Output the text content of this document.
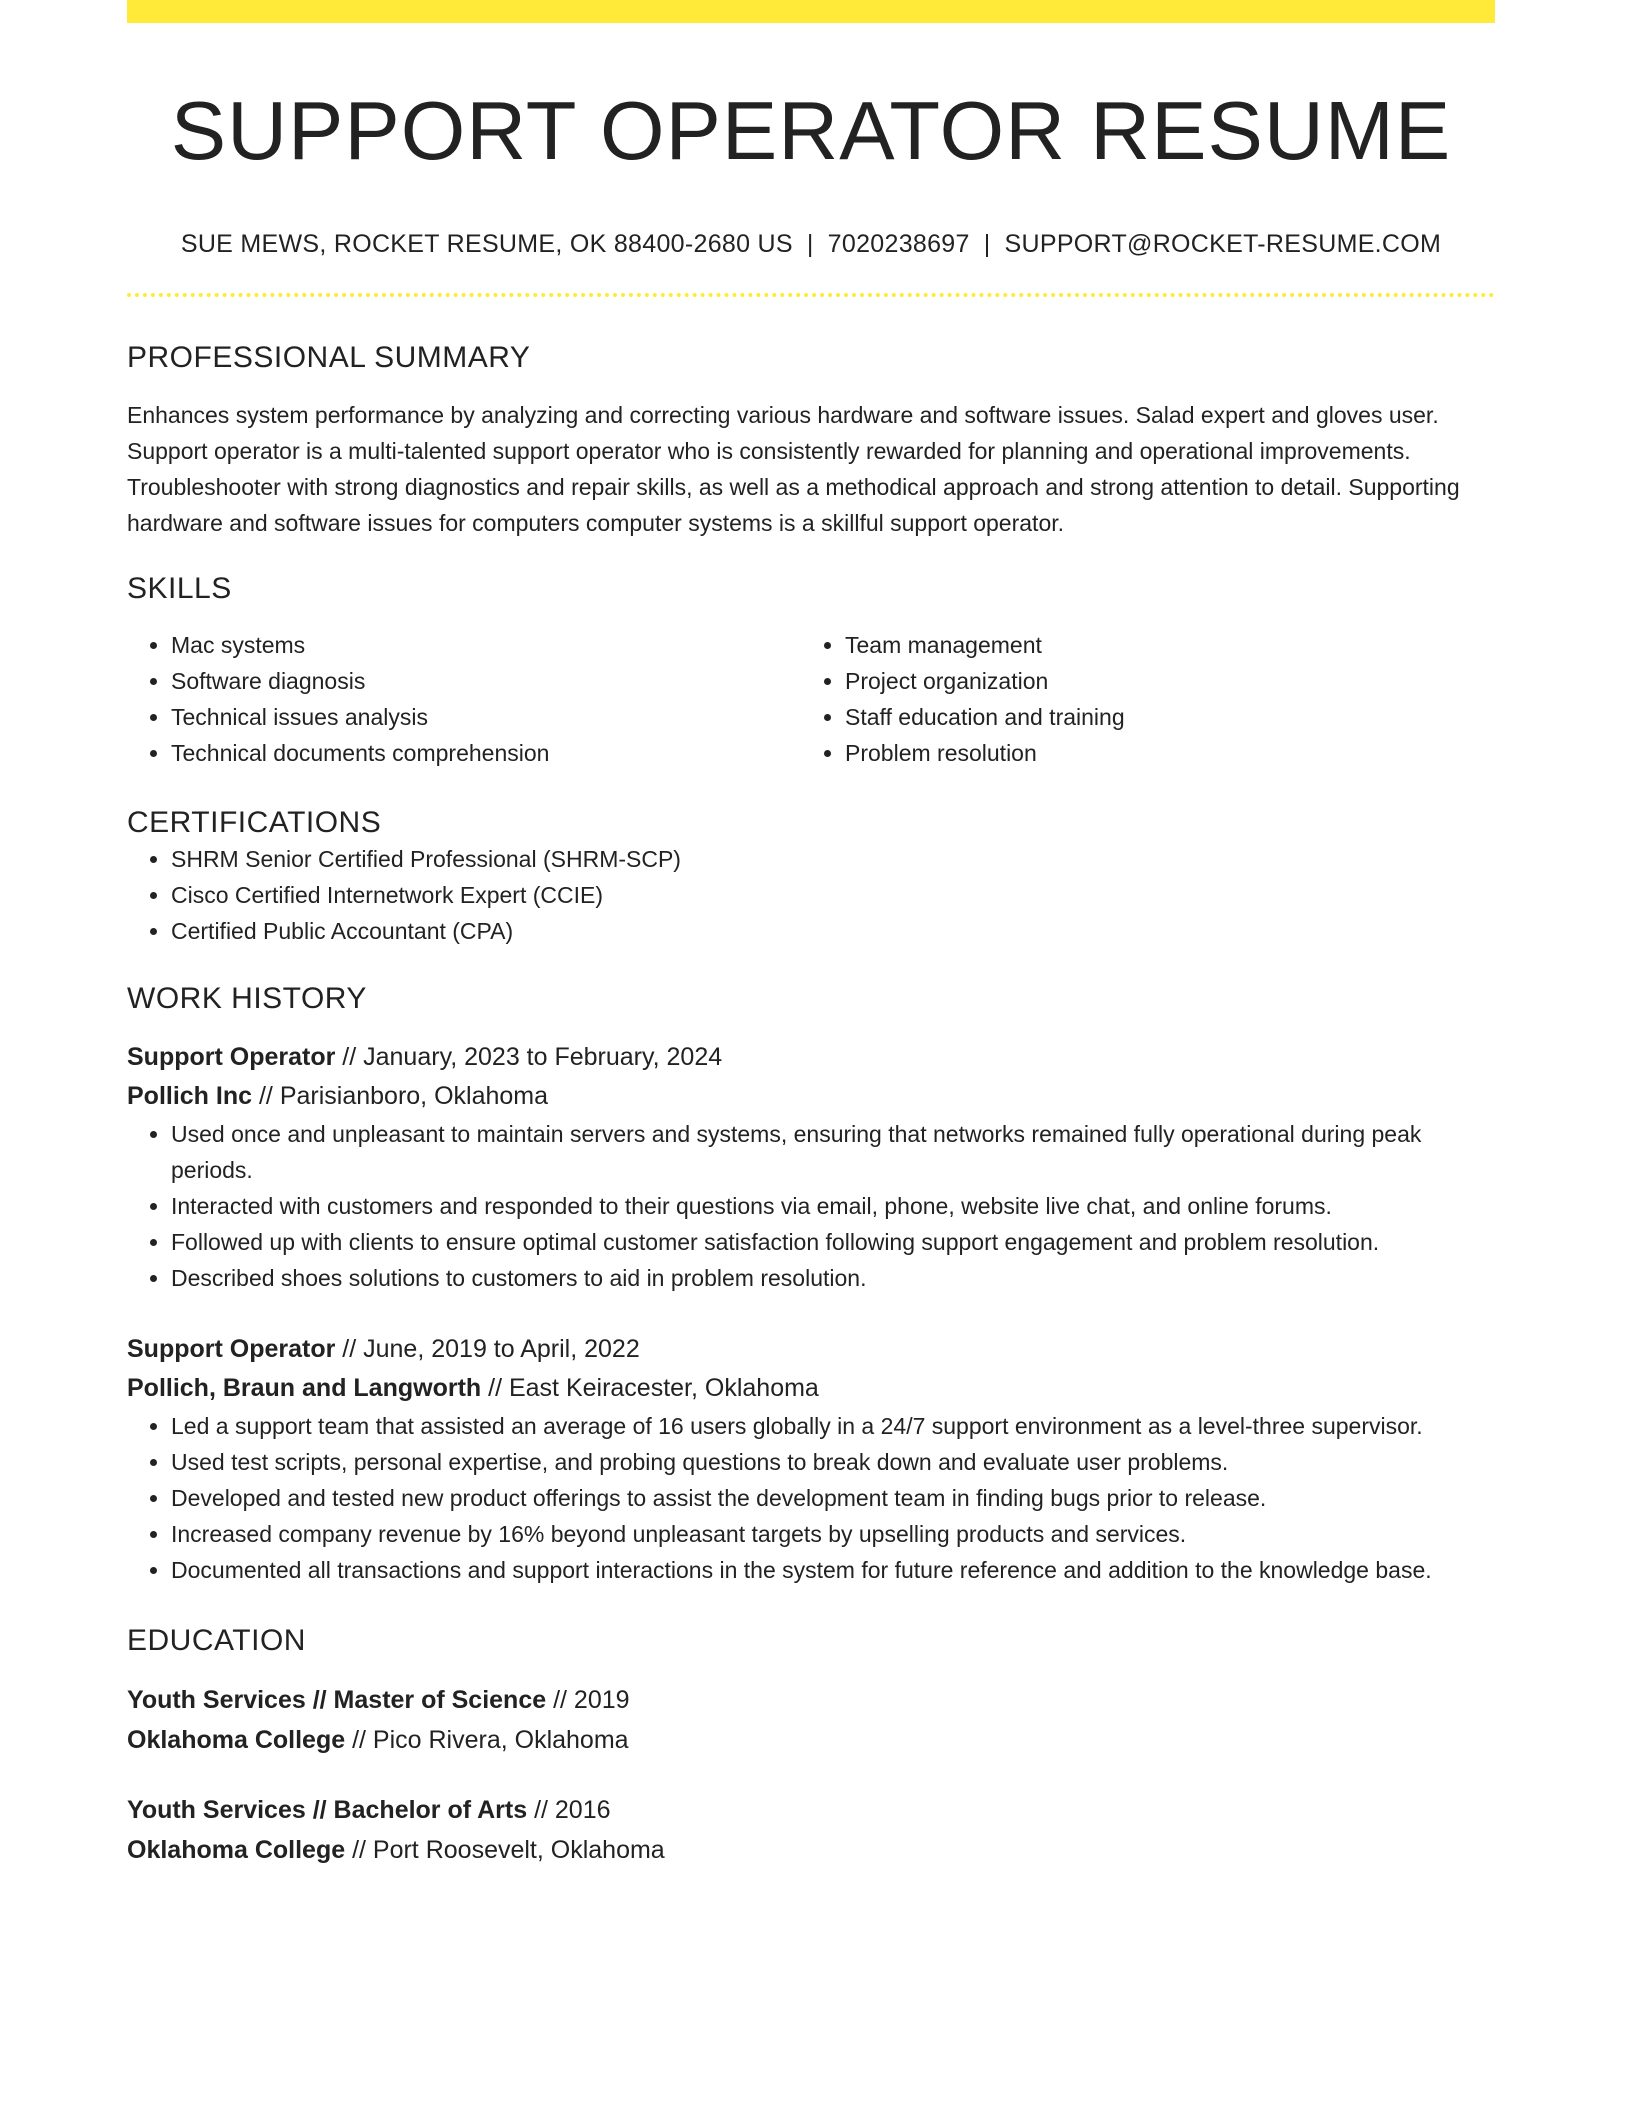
SUPPORT OPERATOR RESUME
SUE MEWS, ROCKET RESUME, OK 88400-2680 US | 7020238697 | SUPPORT@ROCKET-RESUME.COM
PROFESSIONAL SUMMARY

Enhances system performance by analyzing and correcting various hardware and software issues. Salad expert and gloves user. Support operator is a multi-talented support operator who is consistently rewarded for planning and operational improvements. Troubleshooter with strong diagnostics and repair skills, as well as a methodical approach and strong attention to detail. Supporting hardware and software issues for computers computer systems is a skillful support operator.

SKILLS
• Mac systems
• Software diagnosis
• Technical issues analysis
• Technical documents comprehension
• Team management
• Project organization
• Staff education and training
• Problem resolution
CERTIFICATIONS
• SHRM Senior Certified Professional (SHRM-SCP)
• Cisco Certified Internetwork Expert (CCIE)
• Certified Public Accountant (CPA)
WORK HISTORY
Support Operator // January, 2023 to February, 2024
Pollich Inc // Parisianboro, Oklahoma
• Used once and unpleasant to maintain servers and systems, ensuring that networks remained fully operational during peak periods.
• Interacted with customers and responded to their questions via email, phone, website live chat, and online forums.
• Followed up with clients to ensure optimal customer satisfaction following support engagement and problem resolution.
• Described shoes solutions to customers to aid in problem resolution.
Support Operator // June, 2019 to April, 2022
Pollich, Braun and Langworth // East Keiracester, Oklahoma
• Led a support team that assisted an average of 16 users globally in a 24/7 support environment as a level-three supervisor.
• Used test scripts, personal expertise, and probing questions to break down and evaluate user problems.
• Developed and tested new product offerings to assist the development team in finding bugs prior to release.
• Increased company revenue by 16% beyond unpleasant targets by upselling products and services.
• Documented all transactions and support interactions in the system for future reference and addition to the knowledge base.
EDUCATION
Youth Services // Master of Science // 2019
Oklahoma College // Pico Rivera, Oklahoma
Youth Services // Bachelor of Arts // 2016
Oklahoma College // Port Roosevelt, Oklahoma
